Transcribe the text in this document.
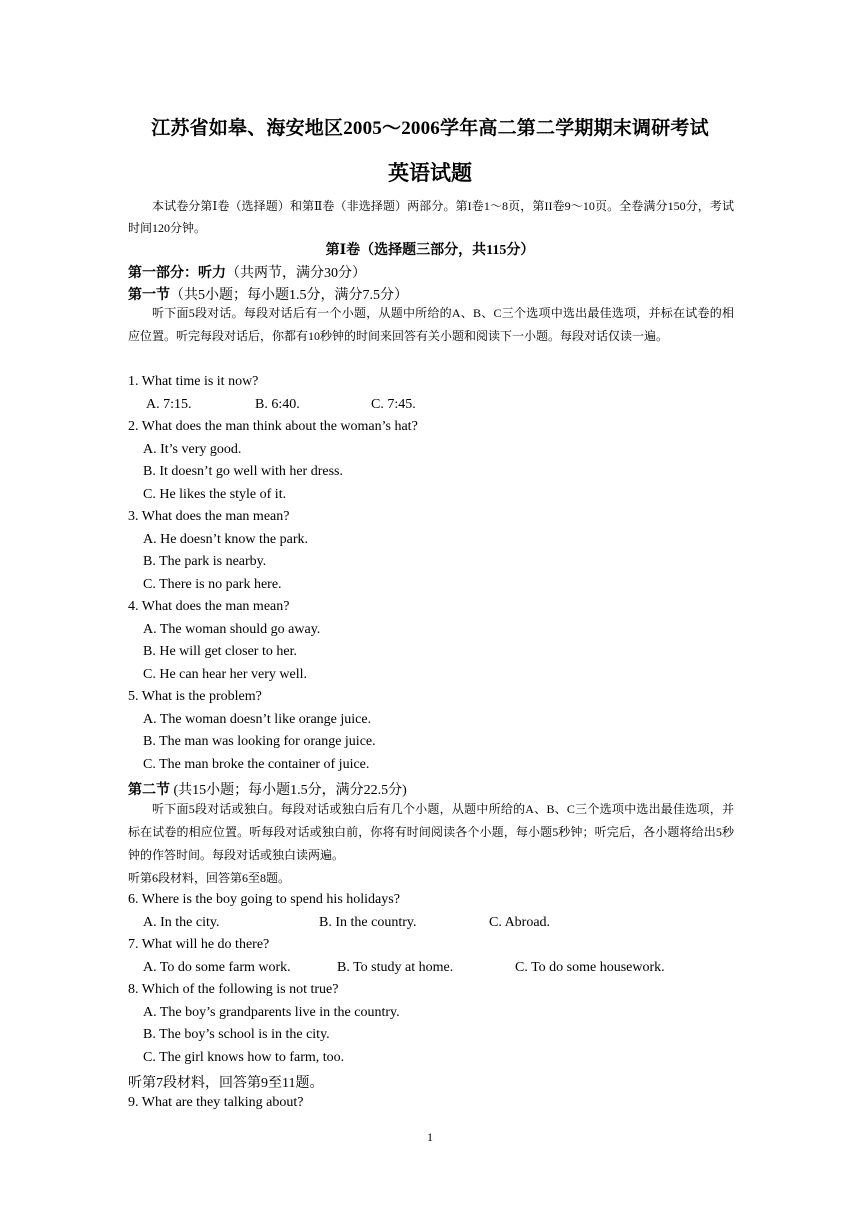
江苏省如皋、海安地区2005～2006学年高二第二学期期末调研考试
英语试题
本试卷分第Ⅰ卷（选择题）和第Ⅱ卷（非选择题）两部分。第I卷1～8页，第II卷9～10页。全卷满分150分，考试时间120分钟。
第Ⅰ卷（选择题三部分，共115分）
第一部分：听力（共两节，满分30分）
第一节（共5小题；每小题1.5分，满分7.5分）
听下面5段对话。每段对话后有一个小题，从题中所给的A、B、C三个选项中选出最佳选项，并标在试卷的相应位置。听完每段对话后，你都有10秒钟的时间来回答有关小题和阅读下一小题。每段对话仅读一遍。
1. What time is it now?
A. 7:15.	B. 6:40.	C. 7:45.
2. What does the man think about the woman’s hat?
A. It’s very good.
B. It doesn’t go well with her dress.
C. He likes the style of it.
3. What does the man mean?
A. He doesn’t know the park.
B. The park is nearby.
C. There is no park here.
4. What does the man mean?
A. The woman should go away.
B. He will get closer to her.
C. He can hear her very well.
5. What is the problem?
A. The woman doesn’t like orange juice.
B. The man was looking for orange juice.
C. The man broke the container of juice.
第二节 (共15小题；每小题1.5分，满分22.5分)
听下面5段对话或独白。每段对话或独白后有几个小题，从题中所给的A、B、C三个选项中选出最佳选项，并标在试卷的相应位置。听每段对话或独白前，你将有时间阅读各个小题，每小题5秒钟；听完后，各小题将给出5秒钟的作答时间。每段对话或独白读两遍。
听第6段材料，回答第6至8题。
6. Where is the boy going to spend his holidays?
A. In the city.	B. In the country.	C. Abroad.
7. What will he do there?
A. To do some farm work.	B. To study at home.	C. To do some housework.
8. Which of the following is not true?
A. The boy’s grandparents live in the country.
B. The boy’s school is in the city.
C. The girl knows how to farm, too.
听第7段材料，回答第9至11题。
9. What are they talking about?
1
